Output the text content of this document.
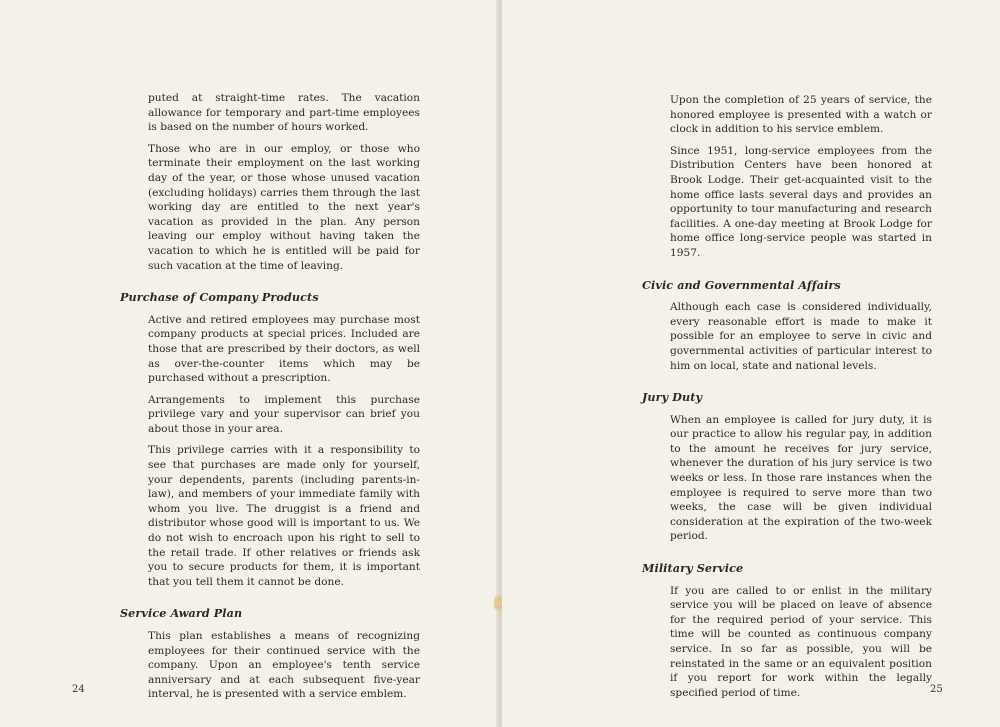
puted at straight-time rates. The vacation allowance for temporary and part-time employees is based on the number of hours worked.

Those who are in our employ, or those who terminate their employment on the last working day of the year, or those whose unused vacation (excluding holidays) carries them through the last working day are entitled to the next year's vacation as provided in the plan. Any person leaving our employ without having taken the vacation to which he is entitled will be paid for such vacation at the time of leaving.

Purchase of Company Products

Active and retired employees may purchase most company products at special prices. Included are those that are prescribed by their doctors, as well as over-the-counter items which may be purchased without a prescription.

Arrangements to implement this purchase privilege vary and your supervisor can brief you about those in your area.

This privilege carries with it a responsibility to see that purchases are made only for yourself, your dependents, parents (including parents-in-law), and members of your immediate family with whom you live. The druggist is a friend and distributor whose good will is important to us. We do not wish to encroach upon his right to sell to the retail trade. If other relatives or friends ask you to secure products for them, it is important that you tell them it cannot be done.

Service Award Plan

This plan establishes a means of recognizing employees for their continued service with the company. Upon an employee's tenth service anniversary and at each subsequent five-year interval, he is presented with a service emblem.

24

Upon the completion of 25 years of service, the honored employee is presented with a watch or clock in addition to his service emblem.

Since 1951, long-service employees from the Distribution Centers have been honored at Brook Lodge. Their get-acquainted visit to the home office lasts several days and provides an opportunity to tour manufacturing and research facilities. A one-day meeting at Brook Lodge for home office long-service people was started in 1957.

Civic and Governmental Affairs

Although each case is considered individually, every reasonable effort is made to make it possible for an employee to serve in civic and governmental activities of particular interest to him on local, state and national levels.

Jury Duty

When an employee is called for jury duty, it is our practice to allow his regular pay, in addition to the amount he receives for jury service, whenever the duration of his jury service is two weeks or less. In those rare instances when the employee is required to serve more than two weeks, the case will be given individual consideration at the expiration of the two-week period.

Military Service

If you are called to or enlist in the military service you will be placed on leave of absence for the required period of your service. This time will be counted as continuous company service. In so far as possible, you will be reinstated in the same or an equivalent position if you report for work within the legally specified period of time.	25
